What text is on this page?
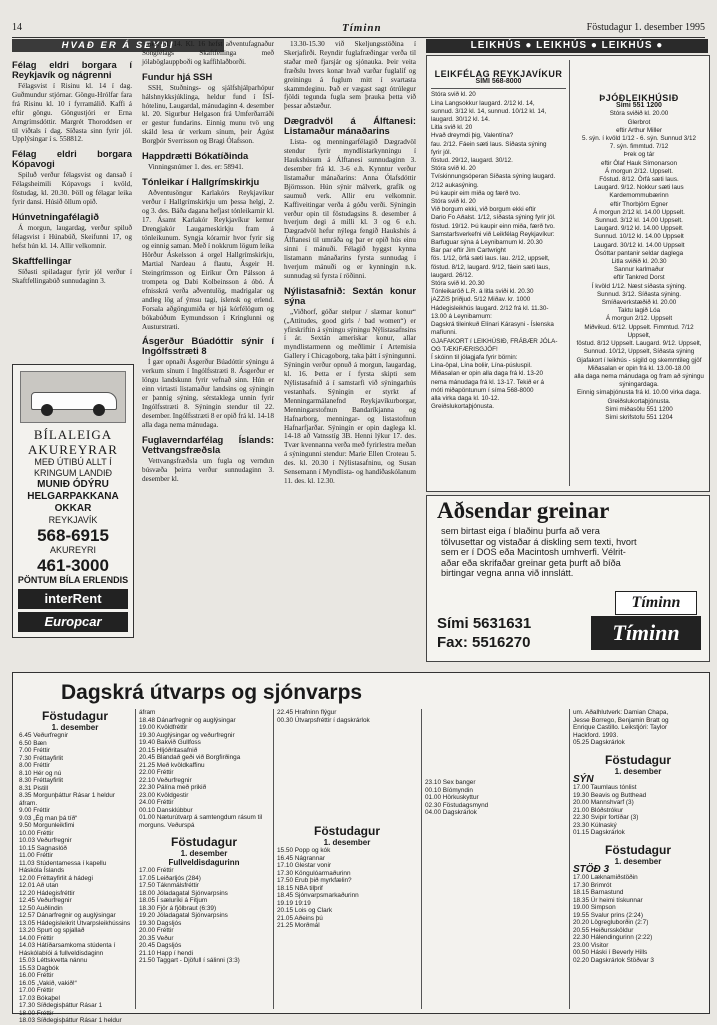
14	Tíminn	Föstudagur 1. desember 1995
HVAÐ ER Á SEYÐI
Félag eldri borgara í Reykjavík og nágrenni

Félagsvist í Risinu kl. 14 í dag. Guðmundur stjórnar. Göngu-Hrólfar fara frá Risinu kl. 10 í fyrramálið. Kaffi á eftir göngu. Göngustjóri er Erna Arngrímsdóttir. Margrét Thoroddsen er til viðtals í dag. Síðasta sinn fyrir jól. Upplýsingar í s. 558812.

Félag eldri borgara Kópavogi

Spiluð verður félagsvist og dansað í Félagsheimili Kópavogs í kvöld, föstudag, kl. 20.30. Þöll og félagar leika fyrir dansi. Húsið öllum opið.

Húnvetningafélagið

Á morgun, laugardag, verður spiluð félagsvist í Húnabúð, Skeifunni 17, og hefst hún kl. 14. Allir velkomnir.

Skaftfellingar

Síðasti spiladagur fyrir jól verður í Skaftfellingabúð sunnudaginn 3.

BÍLALEIGA
AKUREYRAR
MEÐ ÚTIBÚ ALLT Í KRINGUM LANDIÐ
MUNIÐ ÓDÝRU HELGARPAKKANA OKKAR
REYKJAVÍK
568-6915
AKUREYRI
461-3000
PÖNTUM BÍLA ERLENDIS
interRent
Europcar

des. kl. 14. Kl. 16 hefst aðventufagnaður Söngfélags Skaftfellinga með jólaböglauppboði og kaffihlaðborði.

Fundur hjá SSH

SSH, Stuðnings- og sjálfshjálparhópur hálshnykksjúklinga, heldur fund í ÍSÍ-hótelinu, Laugardal, mánudaginn 4. desember kl. 20. Sigurbur Helgason frá Umferðarráði er gestur fundarins. Einnig munu tvö ung skáld lesa úr verkum sínum, þeir Ágúst Borgþór Sverrisson og Bragi Ólafsson.

Happdrætti Bókatíðinda

Vinningsnúmer 1. des. er: 58941.

Tónleikar í Hallgrímskirkju

Aðventusöngur Karlakórs Reykjavíkur verður í Hallgrímskirkju um þessa helgi, 2. og 3. des. Báða dagana hefjast tónleikarnir kl. 17. Ásamt Karlakór Reykjavíkur kemur Drengjakór Laugarneskirkju fram á tónleikunum. Syngja kórarnir hvor fyrir sig og einnig saman. Með í nokkrum lögum leika Hörður Áskelsson á orgel Hallgrímskirkju, Martial Nardeau á flautu, Ásgeir H. Steingrímsson og Eiríkur Örn Pálsson á trompeta og Dabi Kolbeinsson á óbó. Á efnisskrá verða aðventulög, madrigalar og andleg lög af ýmsu tagi, íslensk og erlend. Forsala aðgöngumiða er hjá kórfélögum og bókabúðum Eymundsson í Kringlunni og Austurstræti.

Ásgerður Búadóttir sýnir í Ingólfsstræti 8

Í gær opnaði Ásgerður Búadóttir sýningu á verkum sínum í Ingólfsstræti 8. Ásgerður er löngu landskunn fyrir vefnað sinn. Hún er einn virtasti listamaður landsins og sýningin er þannig sýning, sérstaklega unnin fyrir Ingólfsstræti 8. Sýningin stendur til 22. desember. Ingólfsstræti 8 er opið frá kl. 14-18 alla daga nema mánudaga.

Fuglaverndarfélag Íslands: Vettvangsfræðsla

Vettvangsfræðsla um fugla og verndun búsvæða þeirra verður sunnudaginn 3. desember kl.

13.30-15.30 við Skeljungsstöðina í Skerjafirði. Reyndir fuglafræðingar verða til staðar með fjarsjár og sjónauka. Þeir veita fræðslu hvers konar hvað varðar fuglalíf og greiningu á fuglum mitt í svartasta skammdeginu. Það er vægast sagt ótrúlegur fjöldi tegunda fugla sem þrauka þetta við þessar aðstæður.

Dægradvöl á Álftanesi: Listamaður mánaðarins

Lista- og menningarfélagið Dægradvöl stendur fyrir myndlistarkynningu í Haukshúsum á Álftanesi sunnudaginn 3. desember frá kl. 3-6 e.h. Kynntur verður listamaður mánaðarins: Anna Ólafsdóttir Björnsson. Hún sýnir málverk, grafík og saumuð verk. Allir eru velkomnir. Kaffiveitingar verða á góðu verði. Sýningin verður opin til föstudagsins 8. desember á hverjum degi á milli kl. 3 og 6 e.h. Dægradvöl hefur nýlega fengið Haukshús á Álftanesi til umráða og þar er opið hús einu sinni í mánuði. Félagið hyggst kynna listamann mánaðarins fyrsta sunnudag í hverjum mánuði og er kynningin n.k. sunnudag sú fyrsta í röðinni.

Nýlistasafnið: Sextán konur sýna

„Viðhorf, góðar stelpur / slæmar konur“ („Attitudes, good girls / bad women“) er yfirskriftin á sýningu sýningu Nýlistasafnsins í ár. Sextán amerískar konur, allar myndlistarmenn og meðlimir í Artemisia Gallery í Chicagoborg, taka þátt í sýningunni. Sýningin verður opnuð á morgun, laugardag, kl. 16. Þetta er í fyrsta skipti sem Nýlistasafnið á í samstarfi við sýningarhús vestanhafs. Sýningin er styrkt af Menningarmálanefnd Reykjavíkurborgar, Menningarstofnun Bandaríkjanna og Hafnarborg, menningar- og listastofnun Hafnarfjarðar. Sýningin er opin daglega kl. 14-18 að Vatnsstíg 3B. Henni lýkur 17. des. Tvær kvennanna verða með fyrirlestra meðan á sýningunni stendur: Marie Ellen Croteau 5. des. kl. 20.30 í Nýlistasafninu, og Susan Sensemann í Myndlista- og handíðaskólanum 11. des. kl. 12.30.

LEIKHÚS ● LEIKHÚS ● LEIKHÚS ●
LEIKFÉLAG REYKJAVÍKUR
SÍMI 568-8000
Stóra svið kl. 20
Lína Langsokkur laugard. 2/12 kl. 14,
sunnud. 3/12 kl. 14, sunnud. 10/12 kl. 14,
laugard. 30/12 kl. 14.
Litla svið kl. 20
Hvað dreymdi þig, Valentína?
fau. 2/12. Fáein sæti laus. Síðasta sýning
fyrir jól.
föstud. 29/12, laugard. 30/12.
Stóra svið kl. 20
Tvískinnungsóperan Síðasta sýning laugard.
2/12 aukasýning.
Þú kaupir eim miða og færð tvo.
Stóra svið kl. 20
Við borgum ekki, við borgum ekki eftir
Dario Fo Aðalst. 1/12, síðasta sýning fyrir jól.
föstud. 19/12. Þú kaupir einn miða, færð tvo.
Samstarfsverkefni við Leikfélag Reykjavíkur:
Barfuguar sýna á Leynibarnum kl. 20.30
Bar par eftir Jim Cartwright
fös. 1/12, örfá sæti laus. lau. 2/12, uppselt,
föstud. 8/12, laugard. 9/12, fáein sæti laus,
laugard. 26/12.
Stóra svið kl. 20.30
Tónleikaröð L.R. á litla sviði kl. 20.30
jAZZiS þriðjud. 5/12 Miðav. kr. 1000
Hádegisleikhús laugard. 2/12 frá kl. 11.30-
13.00 á Leynibarnum:
Dagskrá tileinkuð Elínari Kárasyni - Íslenska
mafíunni.
GJAFAKORT í LEIKHÚSIÐ, FRÁBÆR JÓLA-
OG TÆKIFÆRISGJÖF!
Í skóinn til jólagjafa fyrir börnin:
Lína-öpal, Lína boliir, Lína-púsluspil.
Miðasalan er opin alla daga frá kl. 13-20
nema mánudaga frá kl. 13-17. Tekið er á
móti miðapöntunum í síma 568-8000
alla virka daga kl. 10-12.
Greiðslukortaþjónusta.
ÞJÓÐLEIKHÚSIÐ
Sími 551 1200
Stóra sviðið kl. 20.00
Glerbrot
eftir Arthur Miller
5. sýn. í kvöld 1/12 - 6. sýn. Sunnud 3/12
7. sýn. fimmtud. 7/12
Þrek og tár
eftir Ólaf Hauk Símonarson
Á morgun 2/12. Uppselt.
Föstud. 8/12. Örfá sæti laus.
Laugard. 9/12. Nokkur sæti laus
Kardemommubærinn
eftir Thorbjörn Egner
Á morgun 2/12 kl. 14.00 Uppselt.
Sunnud. 3/12 kl. 14.00 Uppselt.
Laugard. 9/12 kl. 14.00 Uppselt.
Sunnud. 10/12 kl. 14.00 Uppselt
Laugard. 30/12 kl. 14.00 Uppselt
Ósóttar pantanir seldar daglega
Litla sviðið kl. 20.30
Sannur karlmaður
eftir Tankred Dorst
Í kvöld 1/12. Næst síðasta sýning.
Sunnud. 3/12. Síðasta sýning.
Smíðaverkstæðið kl. 20.00
Taktu lagið Lóa
Á morgun 2/12. Uppselt
Miðvikud. 6/12. Uppselt. Fimmtud. 7/12 Uppselt,
föstud. 8/12 Uppselt. Laugard. 9/12. Uppselt,
Sunnud. 10/12, Uppselt, Síðasta sýning
Gjafakort í leikhús - sígild og skemmtileg gjöf
Miðasalan er opin frá kl. 13.00-18.00
alla daga nema mánudaga og fram að sýningu
sýningardaga.
Einnig símaþjónusta frá kl. 10.00 virka daga.
Greiðslukortaþjónusta.
Sími miðasölu 551 1200
Sími skrifstofu 551 1204
Aðsendar greinar
sem birtast eiga í blaðinu þurfa að vera tölvusettar og vistaðar á diskling sem texti, hvort sem er í DOS eða Macintosh umhverfi. Vélritaðar eða skrifaðar greinar geta þurft að bíða birtingar vegna anna við innslátt.
Tíminn
Sími 5631631
Fax: 5516270	Tíminn
Dagskrá útvarps og sjónvarps
Föstudagur
1. desember
6.45 Veðurfregnir
6.50 Bæn
7.00 Fréttir
7.30 Fréttayfirlit
8.00 Fréttir
8.10 Hér og nú
8.30 Fréttayfirlit
8.31 Pistill
8.35 Morgunþáttur Rásar 1 heldur áfram.
9.00 Fréttir
9.03 „Ég man þá tíð“
9.50 Morgunleikfimi
10.00 Fréttir
10.03 Veðurfregnir
10.15 Sagnaslóð
11.00 Fréttir
11.03 Stúdentamessa í kapellu Háskóla Íslands
12.00 Fréttayfirlit á hádegi
12.01 Að utan
12.20 Hádegisfréttir
12.45 Veðurfregnir
12.50 Auðlindin
12.57 Dánarfregnir og auglýsingar
13.05 Hádegisleikrit Útvarpsleikhússins
13.20 Spurt og spjallað
14.00 Fréttir
14.03 Hátíðarsamkoma stúdenta í Háskólabíói á fullveldisdaginn
15.03 Léttskvetta nánnu
15.53 Dagbók
16.00 Fréttir
16.05 „Vakið, vakið!“
17.00 Fréttir
17.03 Bókaþel
17.30 Síðdegisþáttur Rásar 1
18.00 Fréttir
18.03 Síðdegisþáttur Rásar 1 heldur
áfram
18.48 Dánarfregnir og auglýsingar
19.00 Kvöldfréttir
19.30 Auglýsingar og veðurfregnir
19.40 Bakvið Gullfoss
20.15 Hljóðritasafnið
20.45 Blandað geði við Borgfirðinga
21.25 Með kvöldkaffinu
22.00 Fréttir
22.10 Veðurfregnir
22.30 Pálína með prikið
23.00 Kvöldgestir
24.00 Fréttir
00.10 Dansklúbbur
01.00 Næturútvarp á samtengdum rásum til morguns. Veðurspá
Föstudagur
1. desember
Fullveldisdagurinn
17.00 Fréttir
17.05 Leiðarljós (284)
17.50 Táknmálsfréttir
18.00 Jóladagatal Sjónvarpsins
18.05 Í sæluríki á Fitjum
18.30 Fjör á fjölbraut (6:39)
19.20 Jóladagatal Sjónvarpsins
19.30 Dagsljós
20.00 Fréttir
20.35 Veður
20.45 Dagsljós
21.10 Happ í hendi
21.50 Taggart - Djöfull í sálinni (3:3)
22.45 Hrafninn flýgur
00.30 Útvarpsfréttir í dagskrárlok
Föstudagur
1. desember
15.50 Popp og kók
16.45 Nágrannar
17.10 Glestar vonir
17.30 Köngulóarmaðurinn
17.50 Erub þið myrkfælin?
18.15 NBA tilþrif
18.45 Sjónvarpsmarkaðurinn
19.19 19:19
20.15 Lois og Clark
21.05 Aðeins þú
21.25 Morðmál
23.10 Sex banger
00.10 Bíómyndin
01.00 Hörkuskyttur
02.30 Föstudagsmynd
04.00 Dagskrárlok
um. Aðalhlutverk: Damian Chapa,
Jesse Borrego, Benjamin Bratt og
Enrique Castillo. Leikstjóri: Taylor
Hackford. 1993.
05.25 Dagskrárlok
Föstudagur
1. desember
SÝN
17.00 Taumlaus tónlist
19.30 Beavis og Butthead
20.00 Mannshvarf (3)
21.00 Blóðstrókur
22.30 Svipir fortíðar (3)
23.30 Kúlnaský
01.15 Dagskrárlok
Föstudagur
1. desember
STÖÐ 3
17.00 Læknamiðstöðin
17.30 Brimrót
18.15 Barnastund
18.35 Úr heimi tískunnar
19.00 Simpson
19.55 Svalur prins (2:24)
20.20 Lögregluborðin (2:7)
20.55 Heiðurssköldur
22.30 Hálendingurinn (2:22)
23.00 Visitor
00.50 Háski í Beverly Hills
02.20 Dagskrárlok Stöðvar 3
